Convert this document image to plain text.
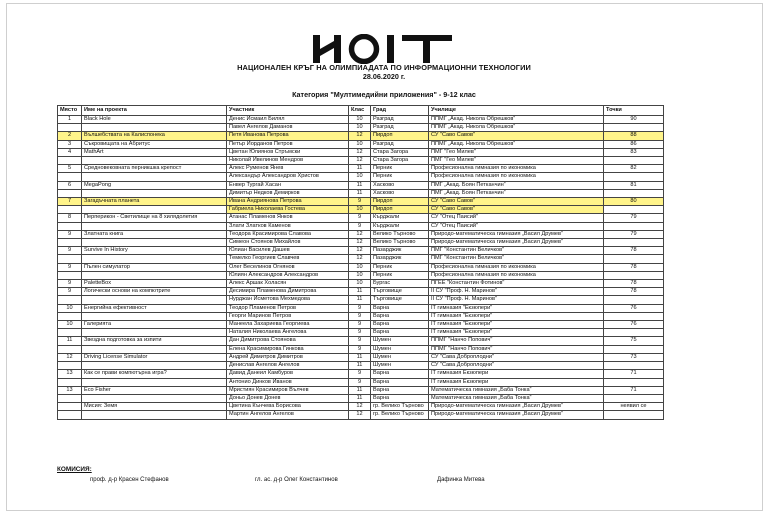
НАЦИОНАЛЕН КРЪГ НА ОЛИМПИАДАТА ПО ИНФОРМАЦИОННИ ТЕХНОЛОГИИ
28.06.2020 г.
Категория "Мултимедийни приложения" - 9-12 клас
Място	Име на проекта	Участник	Клас	Град	Училище	Точки
1	Black Hole	Денис Исмаил Билял	10	Разград	ППМГ „Акад. Никола Обрешков“	90
		Павел Ангелов Даманов	10	Разград	ППМГ „Акад. Никола Обрешков“	
2	Вълшебствата на Калиспонека	Петя Иванова Петрова	12	Пирдоп	СУ "Саво Савов"	88
3	Съкровищата на Абритус	Петър Йорданов Петров	10	Разград	ППМГ „Акад. Никола Обрешков“	86
4	MathArt	Цветан Юлиянов Стръмски	12	Стара Загора	ПМГ "Гео Милев"	83
		Николай Ивелинов Мендров	12	Стара Загора	ПМГ "Гео Милев"	
5	Средновековната перникшка крепост	Алекс Руменов Янев	11	Перник	Професионална гимназия по икономика	82
		Александър Александров Христов	10	Перник	Професионална гимназия по икономика	
6	MegaPong	Енвер Тургай Хасан	11	Хасково	ПМГ „Акад. Боян Петканчин“	81
		Димитър Недков Демирков	11	Хасково	ПМГ „Акад. Боян Петканчин“	
7	Загадъчната планета	Ивана Андриянова Петрова	9	Пирдоп	СУ "Саво Савов"	80
		Габриела Николаева Гостева	10	Пирдоп	СУ "Саво Савов"	
8	Перперикон - Светилище на 8 хилядолетия	Атанас Пламенов Янков	9	Кърджали	СУ "Отец Паисий"	79
		Злати Златков Каменов	9	Кърджали	СУ "Отец Паисий"	
9	Златната книга	Теодора Красимирова Славова	12	Велико Търново	Природо-математическа гимназия „Васил Друмев“	79
		Симеон Стоянов Михайлов	12	Велико Търново	Природо-математическа гимназия „Васил Друмев“	
9	Survive In History	Юлиан Василев Дашев	12	Пазарджик	ПМГ "Константин Величков"	78
		Темелко Георгиев Славчев	12	Пазарджик	ПМГ "Константин Величков"	
9	Пълен симулатор	Олег Веселинов Огнянов	10	Перник	Професионална гимназия по икономика	78
		Юлиян Александров Александров	10	Перник	Професионална гимназия по икономика	
9	PaletteBox	Алекс Аршак Холасян	10	Бургас	ПГЕЕ "Константин Фотинов"	78
9	Логически основи на компютрите	Десимира Пламенова Димитрова	11	Търговище	II СУ "Проф. Н. Маринов"	78
		Нурджан Исметова Мехмедова	11	Търговище	II СУ "Проф. Н. Маринов"	
10	Енергийна ефективност	Теодор Пламенов Петров	9	Варна	IT гимназия "Екзюпери"	76
		Георги Маринов Петров	9	Варна	IT гимназия "Екзюпери"	
10	Галерията	Манеела Захариева Георгиева	9	Варна	IT гимназия "Екзюпери"	76
		Наталия Николаева Ангелова	9	Варна	IT гимназия "Екзюпери"	
11	Звездна подготовка за изпити	Дан Димитрова Стоянова	9	Шумен	ППМГ "Нанчо Попович"	75
		Елена Красимирова Гинкова	9	Шумен	ППМГ "Нанчо Попович"	
12	Driving License Simulator	Андрей Димитров Димитров	11	Шумен	СУ "Сава Доброплодни"	73
		Денислав Ангелов Ангелов	11	Шумен	СУ "Сава Доброплодни"	
13	Как се прави компютърна игра?	Давид Данеил Камбуров	9	Варна	IT гимназия Екзюпери	71
		Антонио Динков Иванов	9	Варна	IT гимназия Екзюпери	
13	Eco Fisher	Мристиян Красимиров Вълчев	11	Варна	Математическа гимназия „Баба Тонка“	71
		Доньо Донев Донев	11	Варна	Математическа гимназия „Баба Тонка“	
	Мисия: Земя	Цветина Кънчева Борисова	12	гр. Велико Търново	Природо-математическа гимназия „Васил Друмев“	неявил се
		Мартин Ангелов Ангелов	12	гр. Велико Търново	Природо-математическа гимназия „Васил Друмев“	
КОМИСИЯ:
проф. д-р Красен Стефанов	гл. ас. д-р Олег Константинов	Дафинка Митева
